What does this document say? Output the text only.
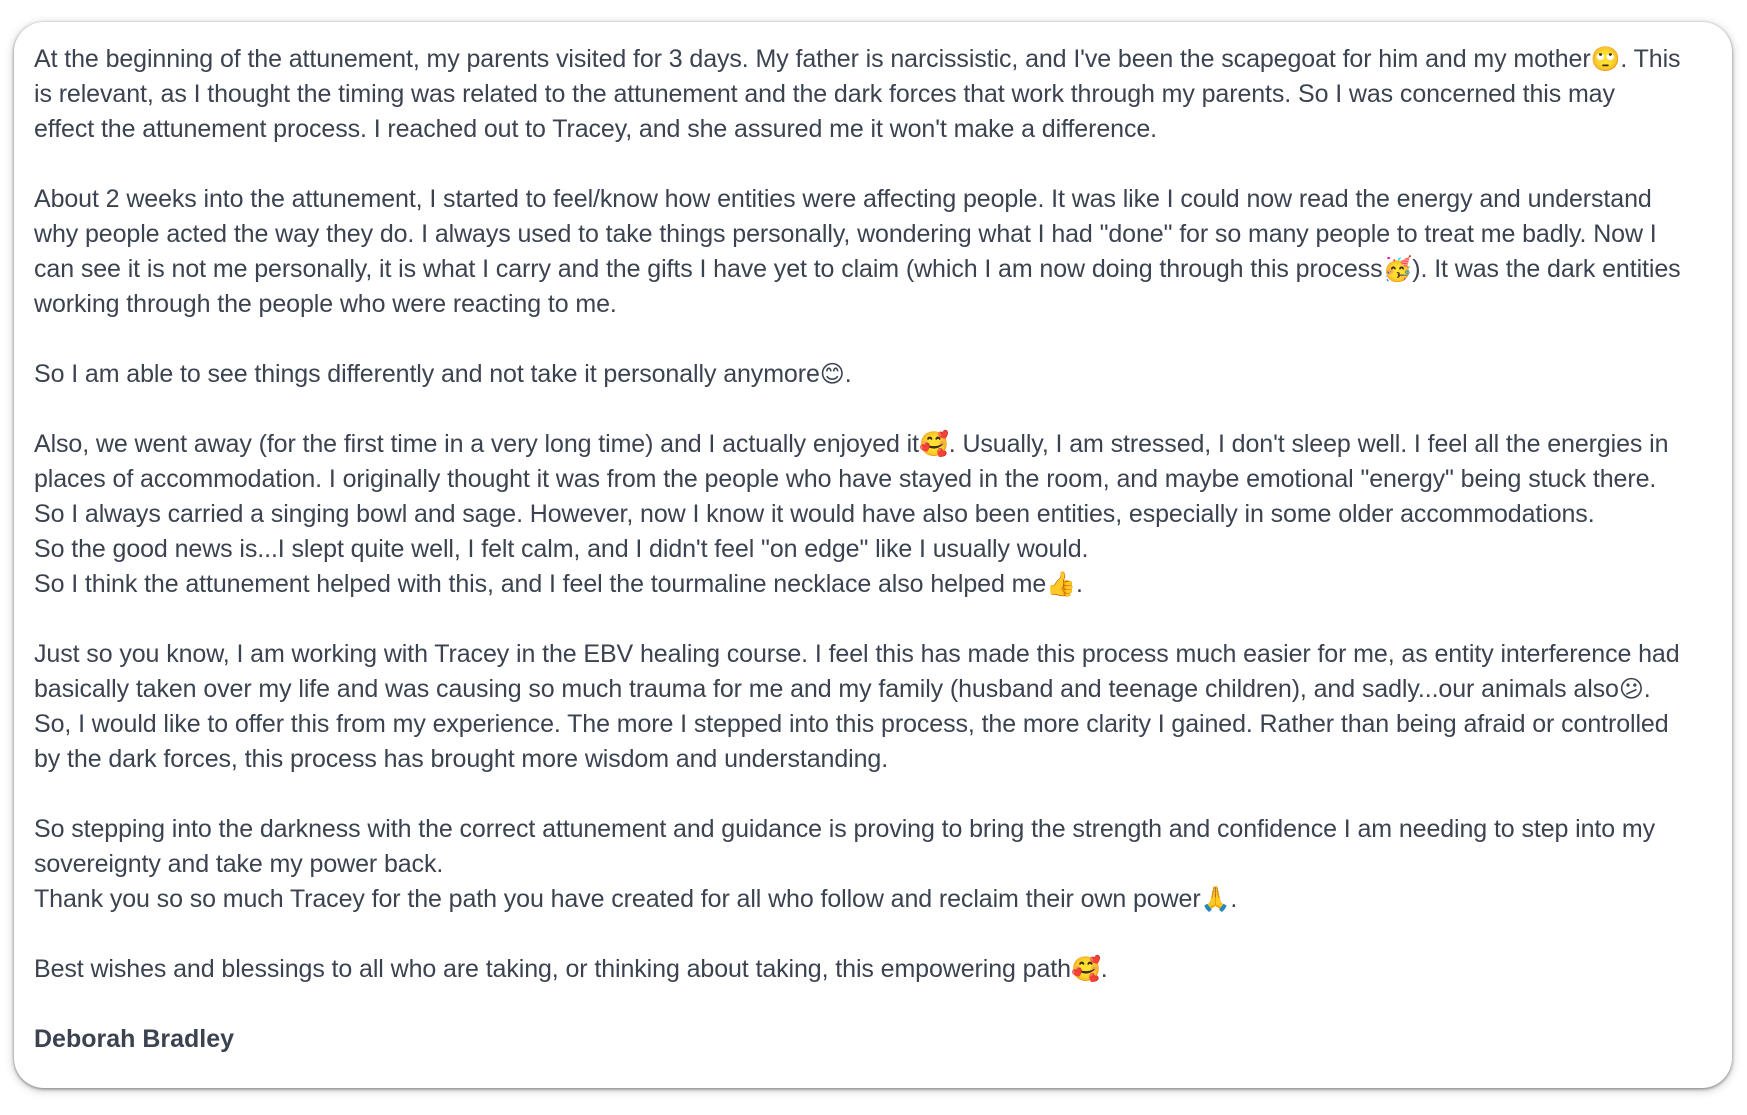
At the beginning of the attunement, my parents visited for 3 days. My father is narcissistic, and I've been the scapegoat for him and my mother🙄. This
is relevant, as I thought the timing was related to the attunement and the dark forces that work through my parents. So I was concerned this may
effect the attunement process. I reached out to Tracey, and she assured me it won't make a difference.
About 2 weeks into the attunement, I started to feel/know how entities were affecting people. It was like I could now read the energy and understand
why people acted the way they do. I always used to take things personally, wondering what I had "done" for so many people to treat me badly. Now I
can see it is not me personally, it is what I carry and the gifts I have yet to claim (which I am now doing through this process🥳). It was the dark entities
working through the people who were reacting to me.
So I am able to see things differently and not take it personally anymore😊.
Also, we went away (for the first time in a very long time) and I actually enjoyed it🥰. Usually, I am stressed, I don't sleep well. I feel all the energies in
places of accommodation. I originally thought it was from the people who have stayed in the room, and maybe emotional "energy" being stuck there.
So I always carried a singing bowl and sage. However, now I know it would have also been entities, especially in some older accommodations.
So the good news is...I slept quite well, I felt calm, and I didn't feel "on edge" like I usually would.
So I think the attunement helped with this, and I feel the tourmaline necklace also helped me👍.
Just so you know, I am working with Tracey in the EBV healing course. I feel this has made this process much easier for me, as entity interference had
basically taken over my life and was causing so much trauma for me and my family (husband and teenage children), and sadly...our animals also😕.
So, I would like to offer this from my experience. The more I stepped into this process, the more clarity I gained. Rather than being afraid or controlled
by the dark forces, this process has brought more wisdom and understanding.
So stepping into the darkness with the correct attunement and guidance is proving to bring the strength and confidence I am needing to step into my
sovereignty and take my power back.
Thank you so so much Tracey for the path you have created for all who follow and reclaim their own power🙏.
Best wishes and blessings to all who are taking, or thinking about taking, this empowering path🥰.
Deborah Bradley
